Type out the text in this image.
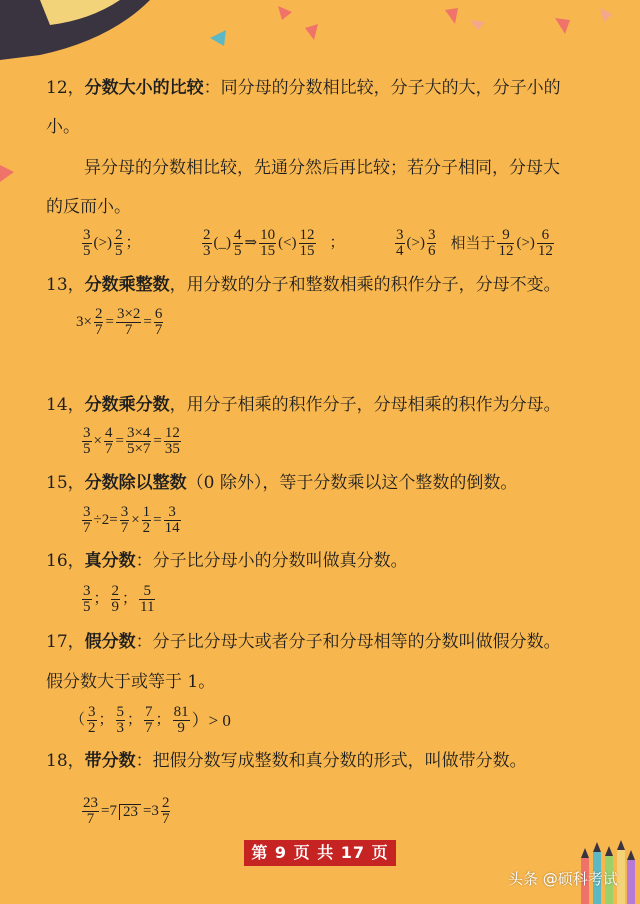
12，分数大小的比较：同分母的分数相比较，分子大的大，分子小的
小。
异分母的分数相比较，先通分然后再比较；若分子相同，分母大
的反而小。
$\frac{3}{5}$ (>) $\frac{2}{5}$ ；	$\frac{2}{3}$ (_) $\frac{4}{5}$ ⇒ $\frac{10}{15}$ (<) $\frac{12}{15}$ ；	$\frac{3}{4}$ (>) $\frac{3}{6}$ 相当于 $\frac{9}{12}$ (>) $\frac{6}{12}$
13，分数乘整数，用分数的分子和整数相乘的积作分子，分母不变。
$3\times \frac{2}{7} = \frac{3\times 2}{7} = \frac{6}{7}$
14，分数乘分数，用分子相乘的积作分子，分母相乘的积作为分母。
$\frac{3}{5} \times \frac{4}{7} = \frac{3\times 4}{5\times 7} = \frac{12}{35}$
15，分数除以整数（0 除外），等于分数乘以这个整数的倒数。
$\frac{3}{7} \div 2= \frac{3}{7} \times \frac{1}{2} = \frac{3}{14}$
16，真分数：分子比分母小的分数叫做真分数。
$\frac{3}{5}$ ； $\frac{2}{9}$ ； $\frac{5}{11}$
17，假分数：分子比分母大或者分子和分母相等的分数叫做假分数。
假分数大于或等于 1。
（ $\frac{3}{2}$ ； $\frac{5}{3}$ ； $\frac{7}{7}$ ； $\frac{81}{9}$ ）> 0
18，带分数：把假分数写成整数和真分数的形式，叫做带分数。
$\frac{23}{7} =7$ $23 =3 \frac{2}{7}$
第 9 页 共 17 页
头条 @硕科考试
